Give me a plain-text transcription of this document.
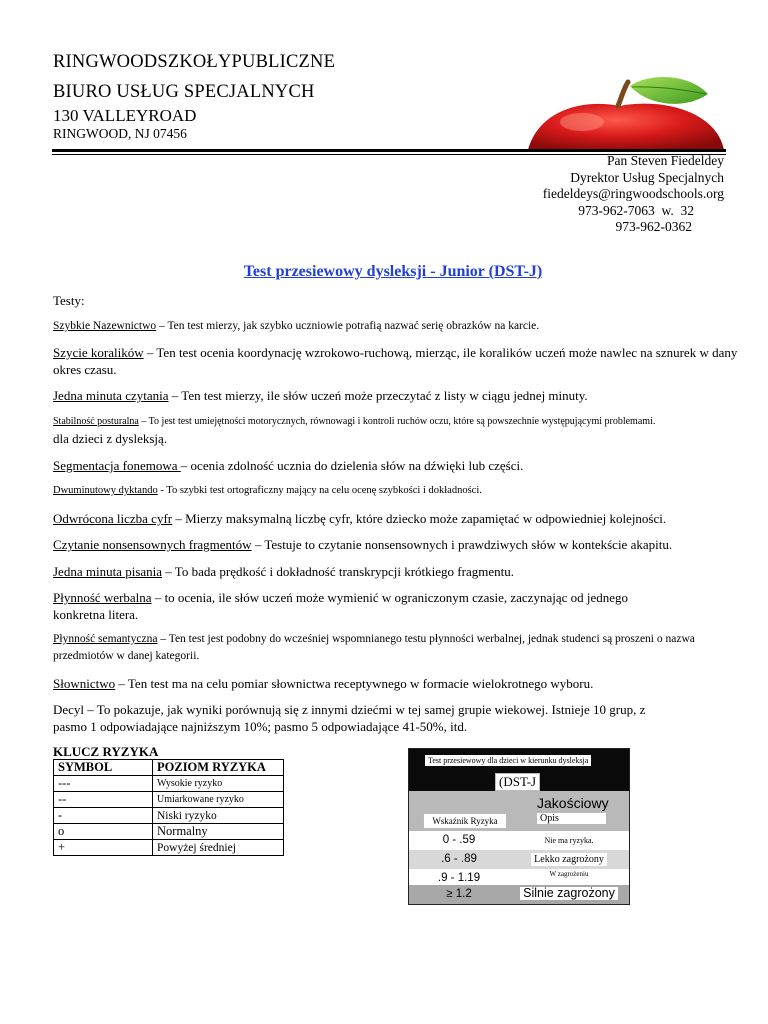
RINGWOODSZKOŁYPUBLICZNE
BIURO USŁUG SPECJALNYCH
130 VALLEYROAD
RINGWOOD, NJ 07456
Pan Steven Fiedeldey
Dyrektor Usług Specjalnych
fiedeldeys@ringwoodschools.org
973-962-7063  w.  32
973-962-0362
Test przesiewowy dysleksji - Junior (DST-J)
Testy:
Szybkie Nazewnictwo – Ten test mierzy, jak szybko uczniowie potrafią nazwać serię obrazków na karcie.
Szycie koralików – Ten test ocenia koordynację wzrokowo-ruchową, mierząc, ile koralików uczeń może nawlec na sznurek w dany okres czasu.
Jedna minuta czytania – Ten test mierzy, ile słów uczeń może przeczytać z listy w ciągu jednej minuty.
Stabilność posturalna – To jest test umiejętności motorycznych, równowagi i kontroli ruchów oczu, które są powszechnie występującymi problemami.
dla dzieci z dysleksją.
Segmentacja fonemowa – ocenia zdolność ucznia do dzielenia słów na dźwięki lub części.
Dwuminutowy dyktando - To szybki test ortograficzny mający na celu ocenę szybkości i dokładności.
Odwrócona liczba cyfr – Mierzy maksymalną liczbę cyfr, które dziecko może zapamiętać w odpowiedniej kolejności.
Czytanie nonsensownych fragmentów – Testuje to czytanie nonsensownych i prawdziwych słów w kontekście akapitu.
Jedna minuta pisania – To bada prędkość i dokładność transkrypcji krótkiego fragmentu.
Płynność werbalna – to ocenia, ile słów uczeń może wymienić w ograniczonym czasie, zaczynając od jednego
konkretna litera.
Płynność semantyczna – Ten test jest podobny do wcześniej wspomnianego testu płynności werbalnej, jednak studenci są proszeni o nazwa przedmiotów w danej kategorii.
Słownictwo – Ten test ma na celu pomiar słownictwa receptywnego w formacie wielokrotnego wyboru.
Decyl – To pokazuje, jak wyniki porównują się z innymi dziećmi w tej samej grupie wiekowej. Istnieje 10 grup, z
pasmo 1 odpowiadające najniższym 10%; pasmo 5 odpowiadające 41-50%, itd.
KLUCZ RYZYKA
SYMBOL	POZIOM RYZYKA
---	Wysokie ryzyko
--	Umiarkowane ryzyko
-	Niski ryzyko
o	Normalny
+	Powyżej średniej
Test przesiewowy dla dzieci w kierunku dysleksja
(DST-J
Wskaźnik Ryzyka
Jakościowy
Opis
0 - .59	Nie ma ryzyka.
.6 - .89	Lekko zagrożony
.9 - 1.19	W zagrożeniu
≥ 1.2	Silnie zagrożony
